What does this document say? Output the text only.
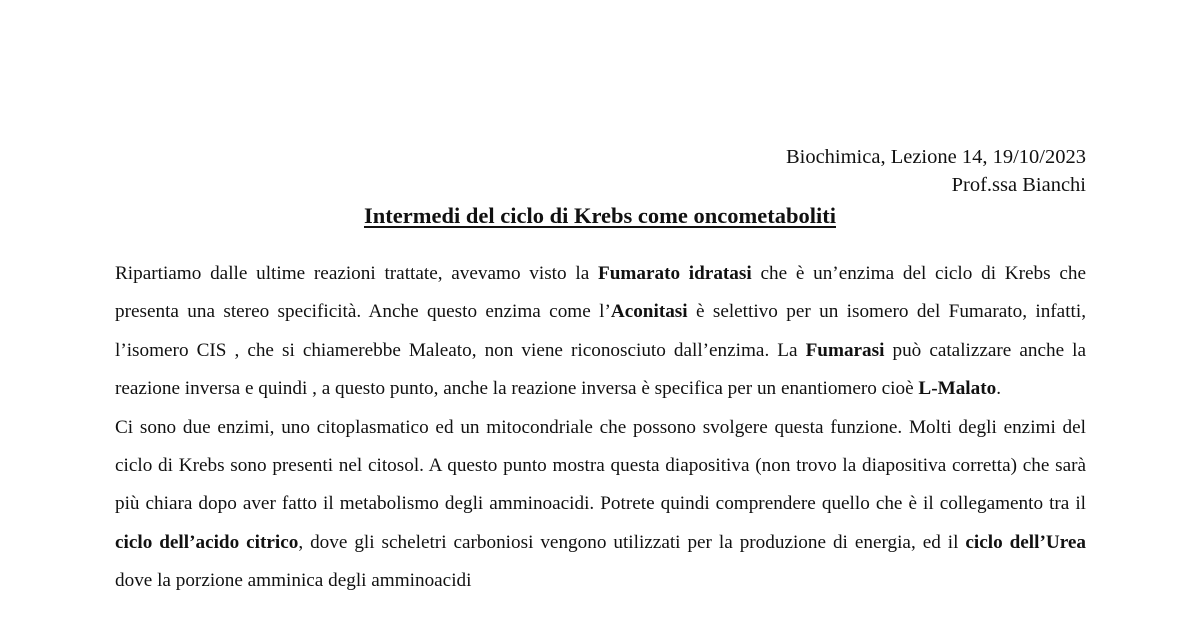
Biochimica, Lezione 14, 19/10/2023
Prof.ssa Bianchi
Intermedi del ciclo di Krebs come oncometaboliti

Ripartiamo dalle ultime reazioni trattate, avevamo visto la Fumarato idratasi che è un’enzima del ciclo di Krebs che presenta una stereo specificità. Anche questo enzima come l’Aconitasi è selettivo per un isomero del Fumarato, infatti, l’isomero CIS , che si chiamerebbe Maleato, non viene riconosciuto dall’enzima. La Fumarasi può catalizzare anche la reazione inversa e quindi , a questo punto, anche la reazione inversa è specifica per un enantiomero cioè L-Malato.

Ci sono due enzimi, uno citoplasmatico ed un mitocondriale che possono svolgere questa funzione. Molti degli enzimi del ciclo di Krebs sono presenti nel citosol. A questo punto mostra questa diapositiva (non trovo la diapositiva corretta) che sarà più chiara dopo aver fatto il metabolismo degli amminoacidi. Potrete quindi comprendere quello che è il collegamento tra il ciclo dell’acido citrico, dove gli scheletri carboniosi vengono utilizzati per la produzione di energia, ed il ciclo dell’Urea dove la porzione amminica degli amminoacidi
